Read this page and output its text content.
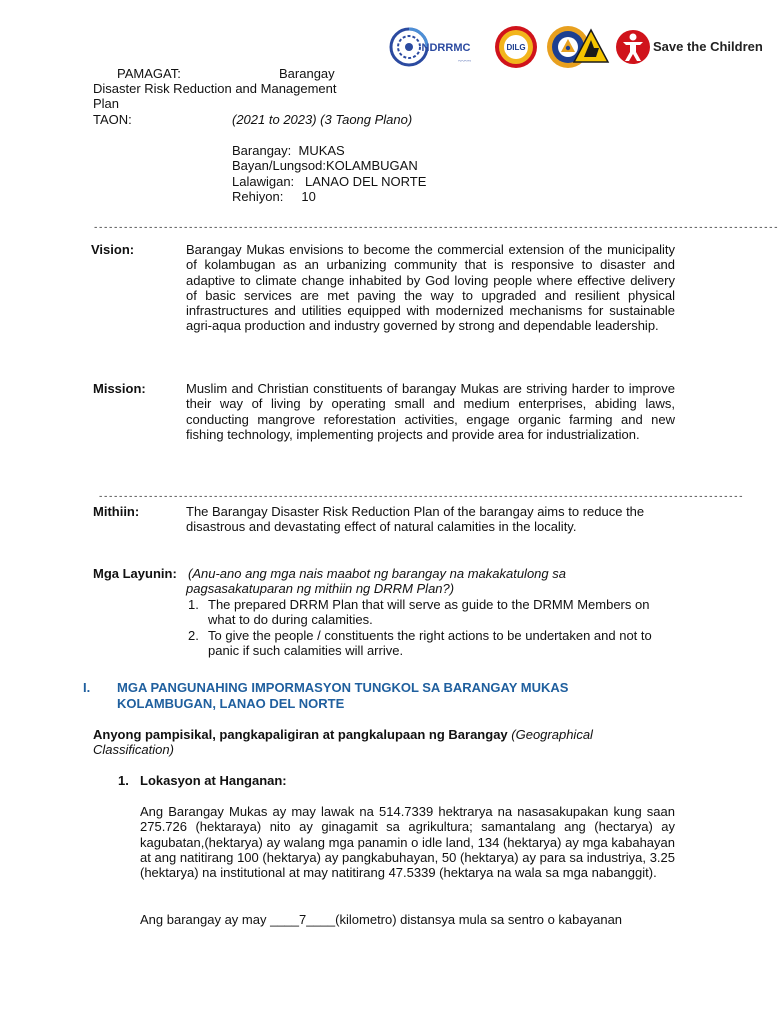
NDRRMC
~~~~
DILG	Save the Children
PAMAGAT:	Barangay
Disaster Risk Reduction and Management
Plan
TAON:	(2021 to 2023) (3 Taong Plano)
Barangay:  MUKAS
Bayan/Lungsod:KOLAMBUGAN
Lalawigan:   LANAO DEL NORTE
Rehiyon:     10
-----------------------------------------------------------------------------------------------------------------------------------------
Vision:	Barangay Mukas envisions to become the commercial extension of the municipality of kolambugan as an urbanizing community that is responsive to disaster and adaptive to climate change inhabited by God loving people where effective delivery of basic services are met paving the way to upgraded and resilient physical infrastructures and utilities equipped with modernized mechanisms for sustainable agri-aqua production and industry governed by strong and dependable leadership.
Mission:	Muslim and Christian constituents of barangay Mukas are striving harder to improve their way of living by operating small and medium enterprises, abiding laws, conducting mangrove reforestation activities, engage organic farming and new fishing technology, implementing projects and provide area for industrialization.
---------------------------------------------------------------------------------------------------------------------------------
Mithiin:	The Barangay Disaster Risk Reduction Plan of the barangay aims to reduce the disastrous and devastating effect of natural calamities in the locality.
Mga Layunin: (Anu-ano ang mga nais maabot ng barangay na makakatulong sa
pagsasakatuparan ng mithiin ng DRRM Plan?)
1. The prepared DRRM Plan that will serve as guide to the DRMM Members on what to do during calamities.
2. To give the people / constituents the right actions to be undertaken and not to panic if such calamities will arrive.
I. MGA PANGUNAHING IMPORMASYON TUNGKOL SA BARANGAY MUKAS
KOLAMBUGAN, LANAO DEL NORTE
Anyong pampisikal, pangkapaligiran at pangkalupaan ng Barangay (Geographical Classification)
1. Lokasyon at Hanganan:
Ang Barangay Mukas ay may lawak na 514.7339 hektrarya na nasasakupakan kung saan 275.726 (hektaraya) nito ay ginagamit sa agrikultura; samantalang ang (hectarya) ay kagubatan,(hektarya) ay walang mga panamin o idle land, 134 (hektarya) ay mga kabahayan at ang natitirang 100 (hektarya) ay pangkabuhayan, 50 (hektarya) ay para sa industriya, 3.25 (hektarya) na institutional at may natitirang 47.5339 (hektarya na wala sa mga nabanggit).
Ang barangay ay may ____7____(kilometro) distansya mula sa sentro o kabayanan
